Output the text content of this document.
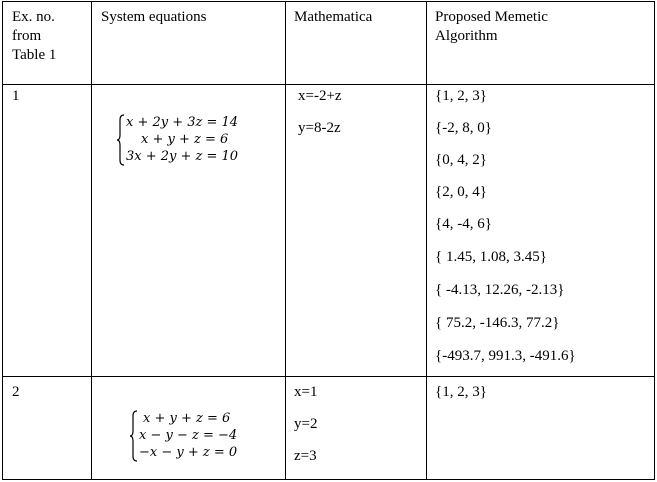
Ex. no.
from
Table 1
System equations	Mathematica	Proposed Memetic
Algorithm
1
x + 2y + 3z = 14
x + y + z = 6
3x + 2y + z = 10
x=-2+z
y=8-2z
{1, 2, 3}
{-2, 8, 0}
{0, 4, 2}
{2, 0, 4}
{4, -4, 6}
{ 1.45, 1.08, 3.45}
{ -4.13, 12.26, -2.13}
{ 75.2, -146.3, 77.2}
{-493.7, 991.3, -491.6}
2
x + y + z = 6
x − y − z = −4
−x − y + z = 0
x=1
y=2
z=3
{1, 2, 3}
